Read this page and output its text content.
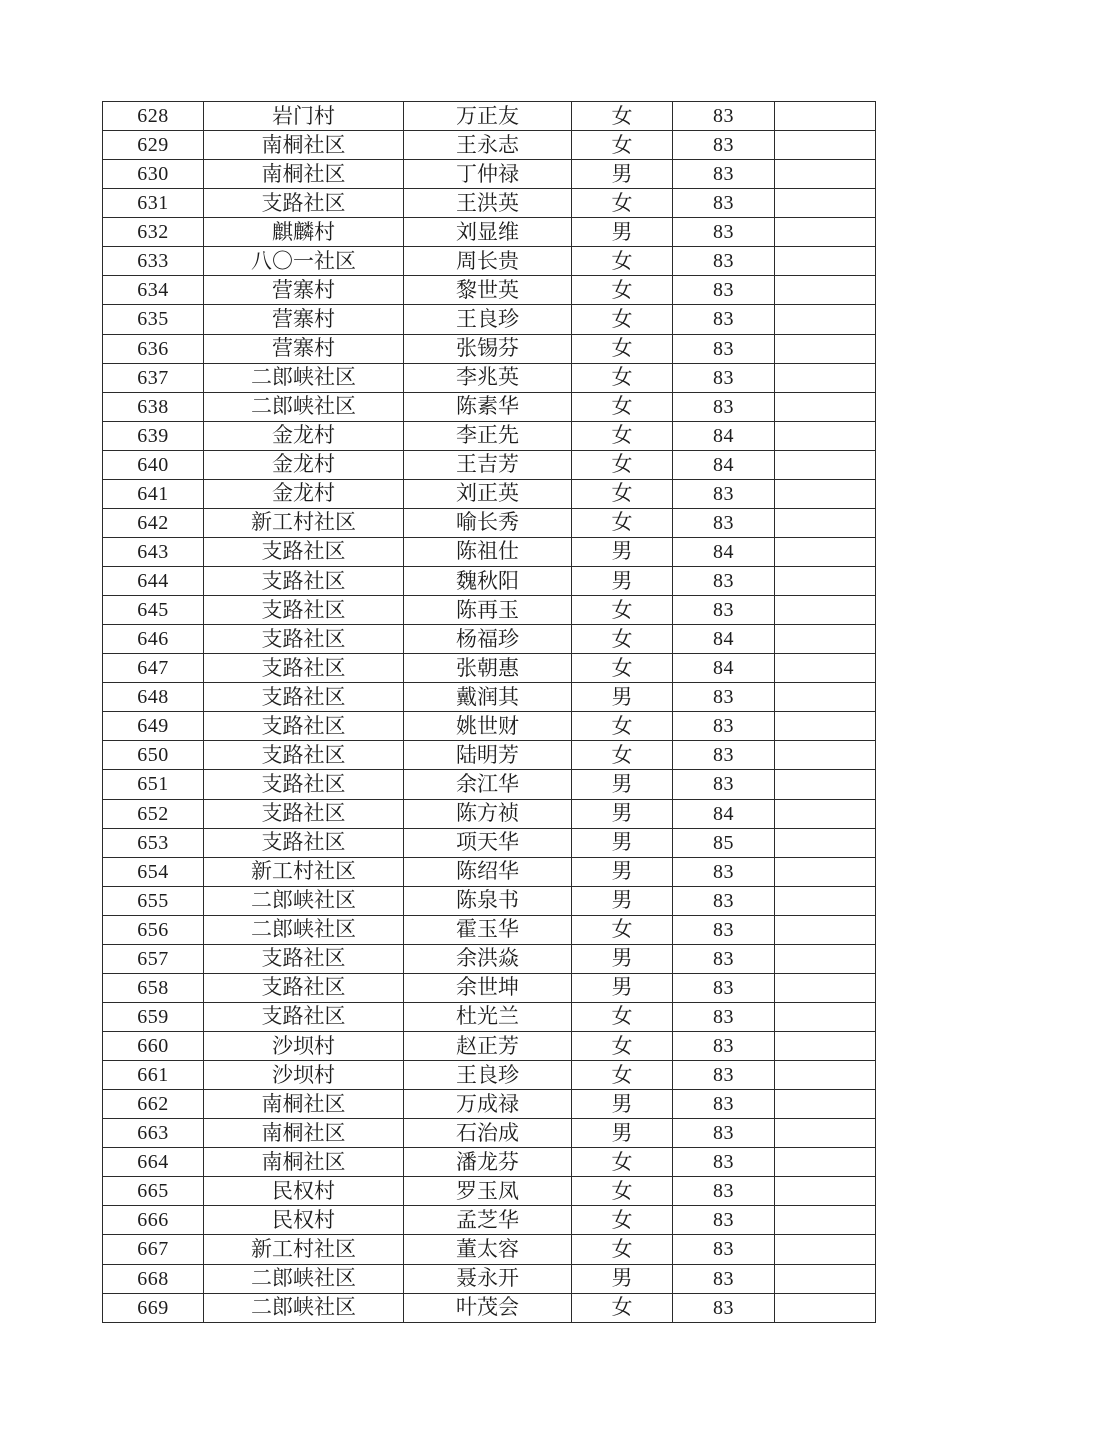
628	岩门村	万正友	女	83	
629	南桐社区	王永志	女	83	
630	南桐社区	丁仲禄	男	83	
631	支路社区	王洪英	女	83	
632	麒麟村	刘显维	男	83	
633	八〇一社区	周长贵	女	83	
634	营寨村	黎世英	女	83	
635	营寨村	王良珍	女	83	
636	营寨村	张锡芬	女	83	
637	二郎峡社区	李兆英	女	83	
638	二郎峡社区	陈素华	女	83	
639	金龙村	李正先	女	84	
640	金龙村	王吉芳	女	84	
641	金龙村	刘正英	女	83	
642	新工村社区	喻长秀	女	83	
643	支路社区	陈祖仕	男	84	
644	支路社区	魏秋阳	男	83	
645	支路社区	陈再玉	女	83	
646	支路社区	杨福珍	女	84	
647	支路社区	张朝惠	女	84	
648	支路社区	戴润其	男	83	
649	支路社区	姚世财	女	83	
650	支路社区	陆明芳	女	83	
651	支路社区	余江华	男	83	
652	支路社区	陈方祯	男	84	
653	支路社区	项天华	男	85	
654	新工村社区	陈绍华	男	83	
655	二郎峡社区	陈泉书	男	83	
656	二郎峡社区	霍玉华	女	83	
657	支路社区	余洪焱	男	83	
658	支路社区	余世坤	男	83	
659	支路社区	杜光兰	女	83	
660	沙坝村	赵正芳	女	83	
661	沙坝村	王良珍	女	83	
662	南桐社区	万成禄	男	83	
663	南桐社区	石治成	男	83	
664	南桐社区	潘龙芬	女	83	
665	民权村	罗玉凤	女	83	
666	民权村	孟芝华	女	83	
667	新工村社区	董太容	女	83	
668	二郎峡社区	聂永开	男	83	
669	二郎峡社区	叶茂会	女	83	
